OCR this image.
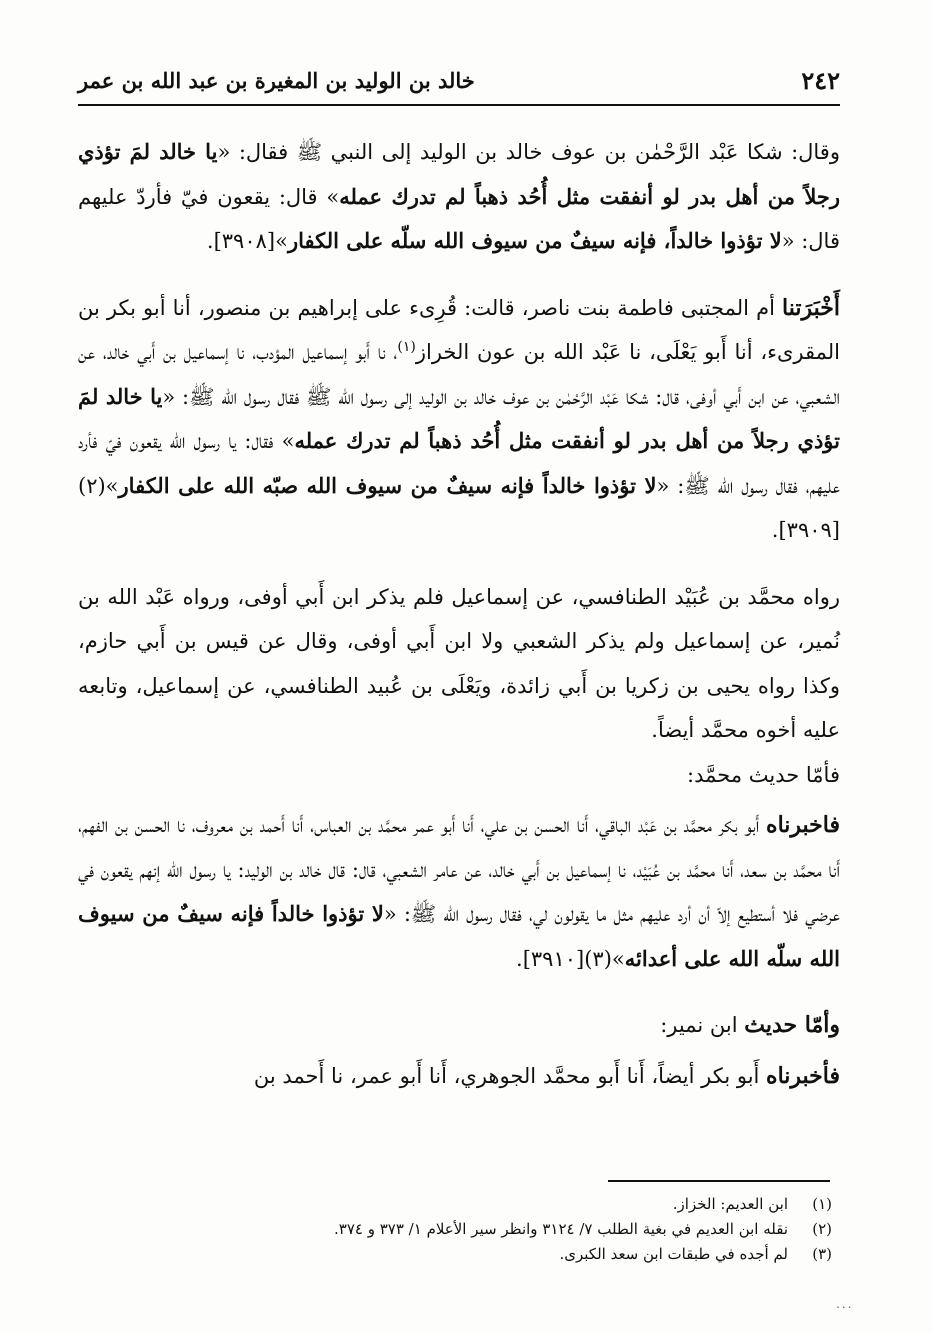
٢٤٢
خالد بن الوليد بن المغيرة بن عبد الله بن عمر

وقال: شكا عَبْد الرَّحْمٰن بن عوف خالد بن الوليد إلى النبي ﷺ فقال: «يا خالد لمَ تؤذي رجلاً من أهل بدر لو أنفقت مثل أُحُد ذهباً لم تدرك عمله» قال: يقعون فيّ فأردّ عليهم قال: «لا تؤذوا خالداً، فإنه سيفٌ من سيوف الله سلّه على الكفار»[٣٩٠٨].

أَخْبَرَتنا أم المجتبى فاطمة بنت ناصر، قالت: قُرِىء على إبراهيم بن منصور، أنا أبو بكر بن المقرىء، أنا أَبو يَعْلَى، نا عَبْد الله بن عون الخراز$^{(١)}$، نا أَبو إسماعيل المؤدب، نا إسماعيل بن أَبي خالد، عن الشعبي، عن ابن أَبي أوفى، قال: شكا عَبْد الرَّحْمٰن بن عوف خالد بن الوليد إلى رسول الله ﷺ فقال رسول الله ﷺ: «يا خالد لمَ تؤذي رجلاً من أهل بدر لو أنفقت مثل أُحُد ذهباً لم تدرك عمله» فقال: يا رسول الله يقعون فيّ فأرد عليهم، فقال رسول الله ﷺ: «لا تؤذوا خالداً فإنه سيفٌ من سيوف الله صبّه الله على الكفار»(٢)[٣٩٠٩].

رواه محمَّد بن عُبَيْد الطنافسي، عن إسماعيل فلم يذكر ابن أَبي أوفى، ورواه عَبْد الله بن نُمير، عن إسماعيل ولم يذكر الشعبي ولا ابن أَبي أوفى، وقال عن قيس بن أَبي حازم، وكذا رواه يحيى بن زكريا بن أَبي زائدة، ويَعْلَى بن عُبيد الطنافسي، عن إسماعيل، وتابعه عليه أخوه محمَّد أيضاً.

فأمّا حديث محمَّد:

فاخبرناه أَبو بكر محمَّد بن عَبْد الباقي، أَنا الحسن بن علي، أَنا أَبو عمر محمَّد بن العباس، أَنا أَحمد بن معروف، نا الحسن بن الفهم، أَنا محمَّد بن سعد، أَنا محمَّد بن عُبَيْد، نا إسماعيل بن أَبي خالد، عن عامر الشعبي، قال: قال خالد بن الوليد: يا رسول الله إنهم يقعون في عرضي فلا أستطيع إلاّ أن أرد عليهم مثل ما يقولون لي، فقال رسول الله ﷺ: «لا تؤذوا خالداً فإنه سيفٌ من سيوف الله سلّه الله على أعدائه»(٣)[٣٩١٠].

وأمّا حديث ابن نمير:

فأخبرناه أَبو بكر أيضاً، أَنا أَبو محمَّد الجوهري، أَنا أَبو عمر، نا أَحمد بن

(١)
ابن العديم: الخزاز.
(٢)
نقله ابن العديم في بغية الطلب ٧/ ٣١٢٤ وانظر سير الأعلام ١/ ٣٧٣ و ٣٧٤.
(٣)
لم أجده في طبقات ابن سعد الكبرى.
...
